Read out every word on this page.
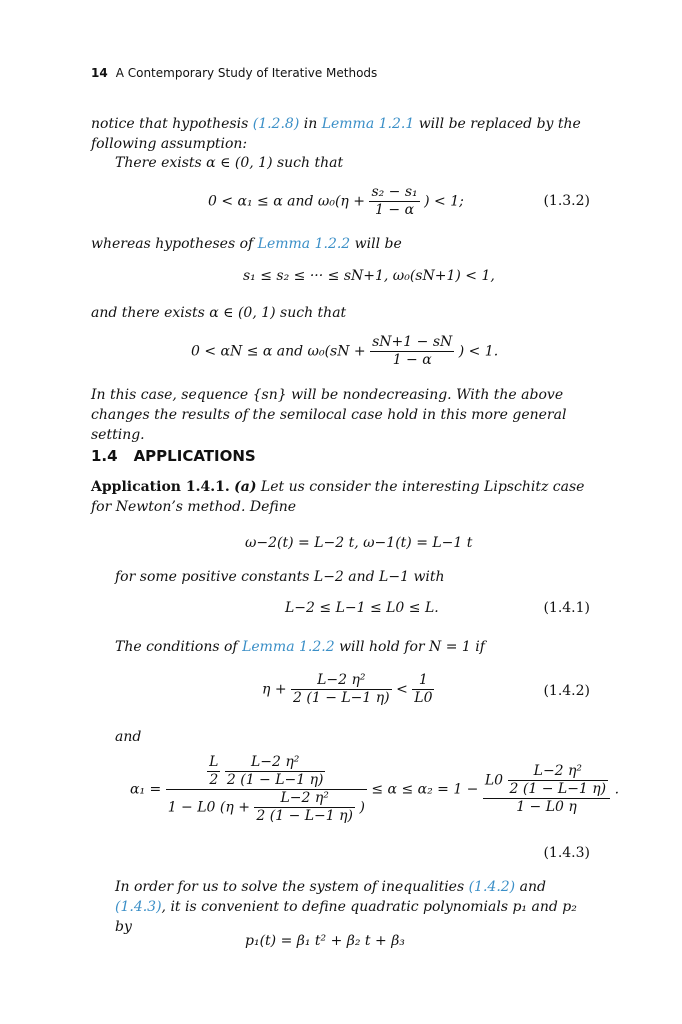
14 A Contemporary Study of Iterative Methods
notice that hypothesis (1.2.8) in Lemma 1.2.1 will be replaced by the following assumption:
There exists α ∈ (0, 1) such that
0 < α₁ ≤ α and $\omega_0(\eta + \frac{\text{s₂ − s₁}}{1 - \alpha}$ ) < 1;	(1.3.2)
whereas hypotheses of Lemma 1.2.2 will be
s₁ ≤ s₂ ≤ ··· ≤ sN+1, ω₀(sN+1) < 1,
and there exists α ∈ (0, 1) such that
0 < αN ≤ α and $\omega_0(sN + \frac{sN+1 - sN}{1 - \alpha}$ ) < 1.
In this case, sequence {sn} will be nondecreasing. With the above changes the results of the semilocal case hold in this more general setting.
1.4 APPLICATIONS
Application 1.4.1. (a) Let us consider the interesting Lipschitz case for Newton’s method. Define
ω−2(t) = L−2 t, ω−1(t) = L−1 t
for some positive constants L−2 and L−1 with
L−2 ≤ L−1 ≤ L0 ≤ L.	(1.4.1)
The conditions of Lemma 1.2.2 will hold for N = 1 if
$\eta + \frac{\text{L−2 η²}}{2 (1 - L-1 \eta)} < \frac{1}{L0}$	(1.4.2)
and
$\alpha_1 = \frac{L}{2}$
$\frac{\text{L−2 η²}}{2 (1 - L-1 \eta)}$
1 − L0 ($\eta + \frac{\text{L−2 η²}}{2 (1 - L-1 \eta)}$ ) ≤ $\alpha \le \alpha_2 = 1 - \frac{L0 \frac{\text{L−2 η²}}{2 (1 - L-1 \eta)}}{1 - L0 \eta}$ .
(1.4.3)
In order for us to solve the system of inequalities (1.4.2) and (1.4.3), it is convenient to define quadratic polynomials p₁ and p₂ by
p₁(t) = β₁ t² + β₂ t + β₃
